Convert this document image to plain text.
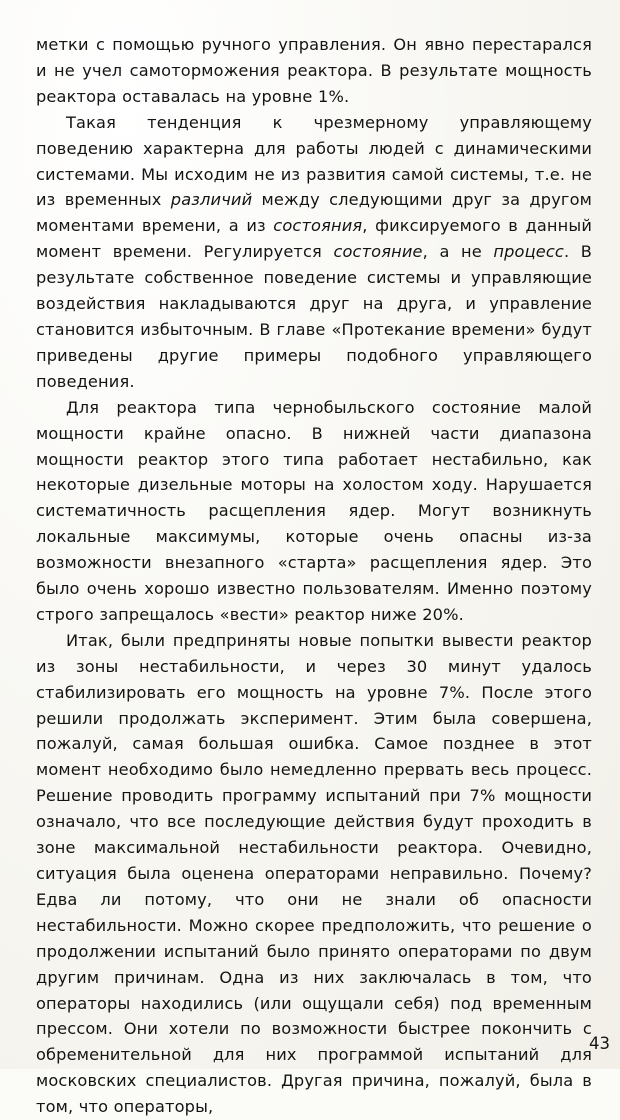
метки с помощью ручного управления. Он явно перестарался и не учел самоторможения реактора. В результате мощность реактора оставалась на уровне 1%.

Такая тенденция к чрезмерному управляющему поведению характерна для работы людей с динамическими системами. Мы исходим не из развития самой системы, т.е. не из временных различий между следующими друг за другом моментами времени, а из состояния, фиксируемого в данный момент времени. Регулируется состояние, а не процесс. В результате собственное поведение системы и управляющие воздействия накладываются друг на друга, и управление становится избыточным. В главе «Протекание времени» будут приведены другие примеры подобного управляющего поведения.

Для реактора типа чернобыльского состояние малой мощности крайне опасно. В нижней части диапазона мощности реактор этого типа работает нестабильно, как некоторые дизельные моторы на холостом ходу. Нарушается систематичность расщепления ядер. Могут возникнуть локальные максимумы, которые очень опасны из-за возможности внезапного «старта» расщепления ядер. Это было очень хорошо известно пользователям. Именно поэтому строго запрещалось «вести» реактор ниже 20%.

Итак, были предприняты новые попытки вывести реактор из зоны нестабильности, и через 30 минут удалось стабилизировать его мощность на уровне 7%. После этого решили продолжать эксперимент. Этим была совершена, пожалуй, самая большая ошибка. Самое позднее в этот момент необходимо было немедленно прервать весь процесс. Решение проводить программу испытаний при 7% мощности означало, что все последующие действия будут проходить в зоне максимальной нестабильности реактора. Очевидно, ситуация была оценена операторами неправильно. Почему? Едва ли потому, что они не знали об опасности нестабильности. Можно скорее предположить, что решение о продолжении испытаний было принято операторами по двум другим причинам. Одна из них заключалась в том, что операторы находились (или ощущали себя) под временным прессом. Они хотели по возможности быстрее покончить с обременительной для них программой испытаний для московских специалистов. Другая причина, пожалуй, была в том, что операторы,

43
